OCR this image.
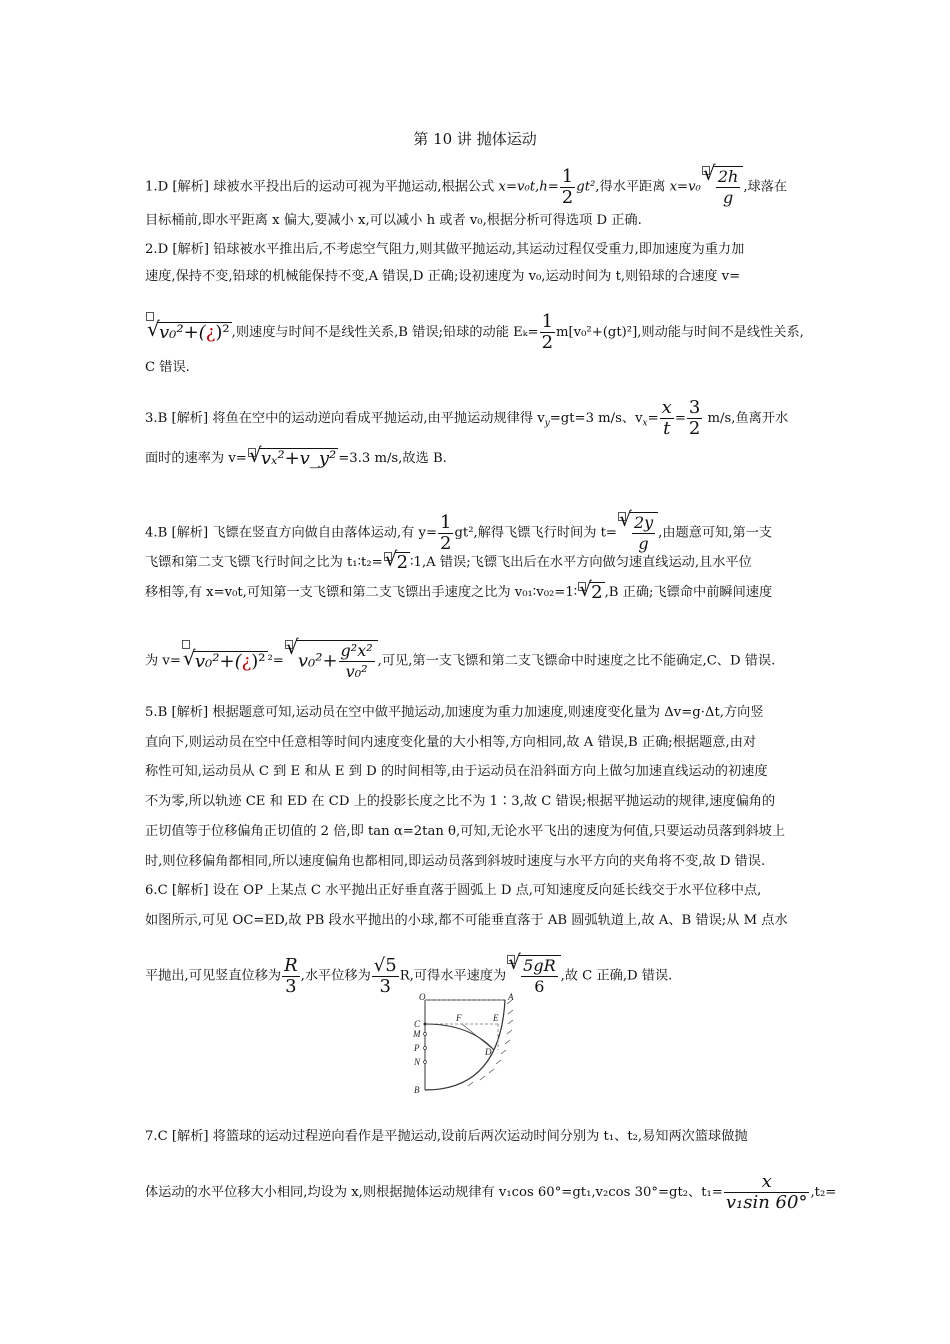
第 10 讲 抛体运动
1.D [解析] 球被水平投出后的运动可视为平抛运动,根据公式 $x=v_0t,h= \frac{1}{2} gt^2$,得水平距离 x=v₀ √ $\frac{2h}{g}$ ,球落在
目标桶前,即水平距离 x 偏大,要减小 x,可以减小 h 或者 v₀,根据分析可得选项 D 正确.
2.D [解析] 铅球被水平推出后,不考虑空气阻力,则其做平抛运动,其运动过程仅受重力,即加速度为重力加
速度,保持不变,铅球的机械能保持不变,A 错误,D 正确;设初速度为 v₀,运动时间为 t,则铅球的合速度 v=
√ v₀²+(¿)² ,则速度与时间不是线性关系,B 错误;铅球的动能 $E_k= \frac{1}{2} m[v_0^2+(gt)^2]$,则动能与时间不是线性关系,
C 错误.
3.B [解析] 将鱼在空中的运动逆向看成平抛运动,由平抛运动规律得 $v_y=gt=3$ m/s、$v_x= \frac{x}{t} = \frac{3}{2} m/s$,鱼离开水
面时的速率为 v= √ vₓ²+v_y² =3.3 m/s,故选 B.
4.B [解析] 飞镖在竖直方向做自由落体运动,有 $y= \frac{1}{2} gt^2$,解得飞镖飞行时间为 t= √ $\frac{2y}{g}$ ,由题意可知,第一支
飞镖和第二支飞镖飞行时间之比为 t₁∶t₂= √ 2 ∶1,A 错误;飞镖飞出后在水平方向做匀速直线运动,且水平位
移相等,有 x=v₀t,可知第一支飞镖和第二支飞镖出手速度之比为 v₀₁∶v₀₂=1∶ √ 2 ,B 正确;飞镖命中前瞬间速度
为 v= √ v₀²+(¿)² ²= √ $v_0^2+ \frac{\text{g²x²}}{\text{v₀²}}$ ,可见,第一支飞镖和第二支飞镖命中时速度之比不能确定,C、D 错误.
5.B [解析] 根据题意可知,运动员在空中做平抛运动,加速度为重力加速度,则速度变化量为 Δv=g·Δt,方向竖
直向下,则运动员在空中任意相等时间内速度变化量的大小相等,方向相同,故 A 错误,B 正确;根据题意,由对
称性可知,运动员从 C 到 E 和从 E 到 D 的时间相等,由于运动员在沿斜面方向上做匀加速直线运动的初速度
不为零,所以轨迹 CE 和 ED 在 CD 上的投影长度之比不为 1∶3,故 C 错误;根据平抛运动的规律,速度偏角的
正切值等于位移偏角正切值的 2 倍,即 tan α=2tan θ,可知,无论水平飞出的速度为何值,只要运动员落到斜坡上
时,则位移偏角都相同,所以速度偏角也都相同,即运动员落到斜坡时速度与水平方向的夹角将不变,故 D 错误.
6.C [解析] 设在 OP 上某点 C 水平抛出正好垂直落于圆弧上 D 点,可知速度反向延长线交于水平位移中点,
如图所示,可见 OC=ED,故 PB 段水平抛出的小球,都不可能垂直落于 AB 圆弧轨道上,故 A、B 错误;从 M 点水
平抛出,可见竖直位移为 $\frac{R}{3}$ ,水平位移为 $\frac{√5}{3} R$,可得水平速度为 √ $\frac{5gR}{6}$ ,故 C 正确,D 错误.
O	A
C
F	E
M
P	D
N
B
7.C [解析] 将篮球的运动过程逆向看作是平抛运动,设前后两次运动时间分别为 t₁、t₂,易知两次篮球做抛
体运动的水平位移大小相同,均设为 x,则根据抛体运动规律有 v₁cos 60°=gt₁,v₂cos 30°=gt₂、$t_1= \frac{x}{\text{v₁sin 60°}} ,t_2=$
